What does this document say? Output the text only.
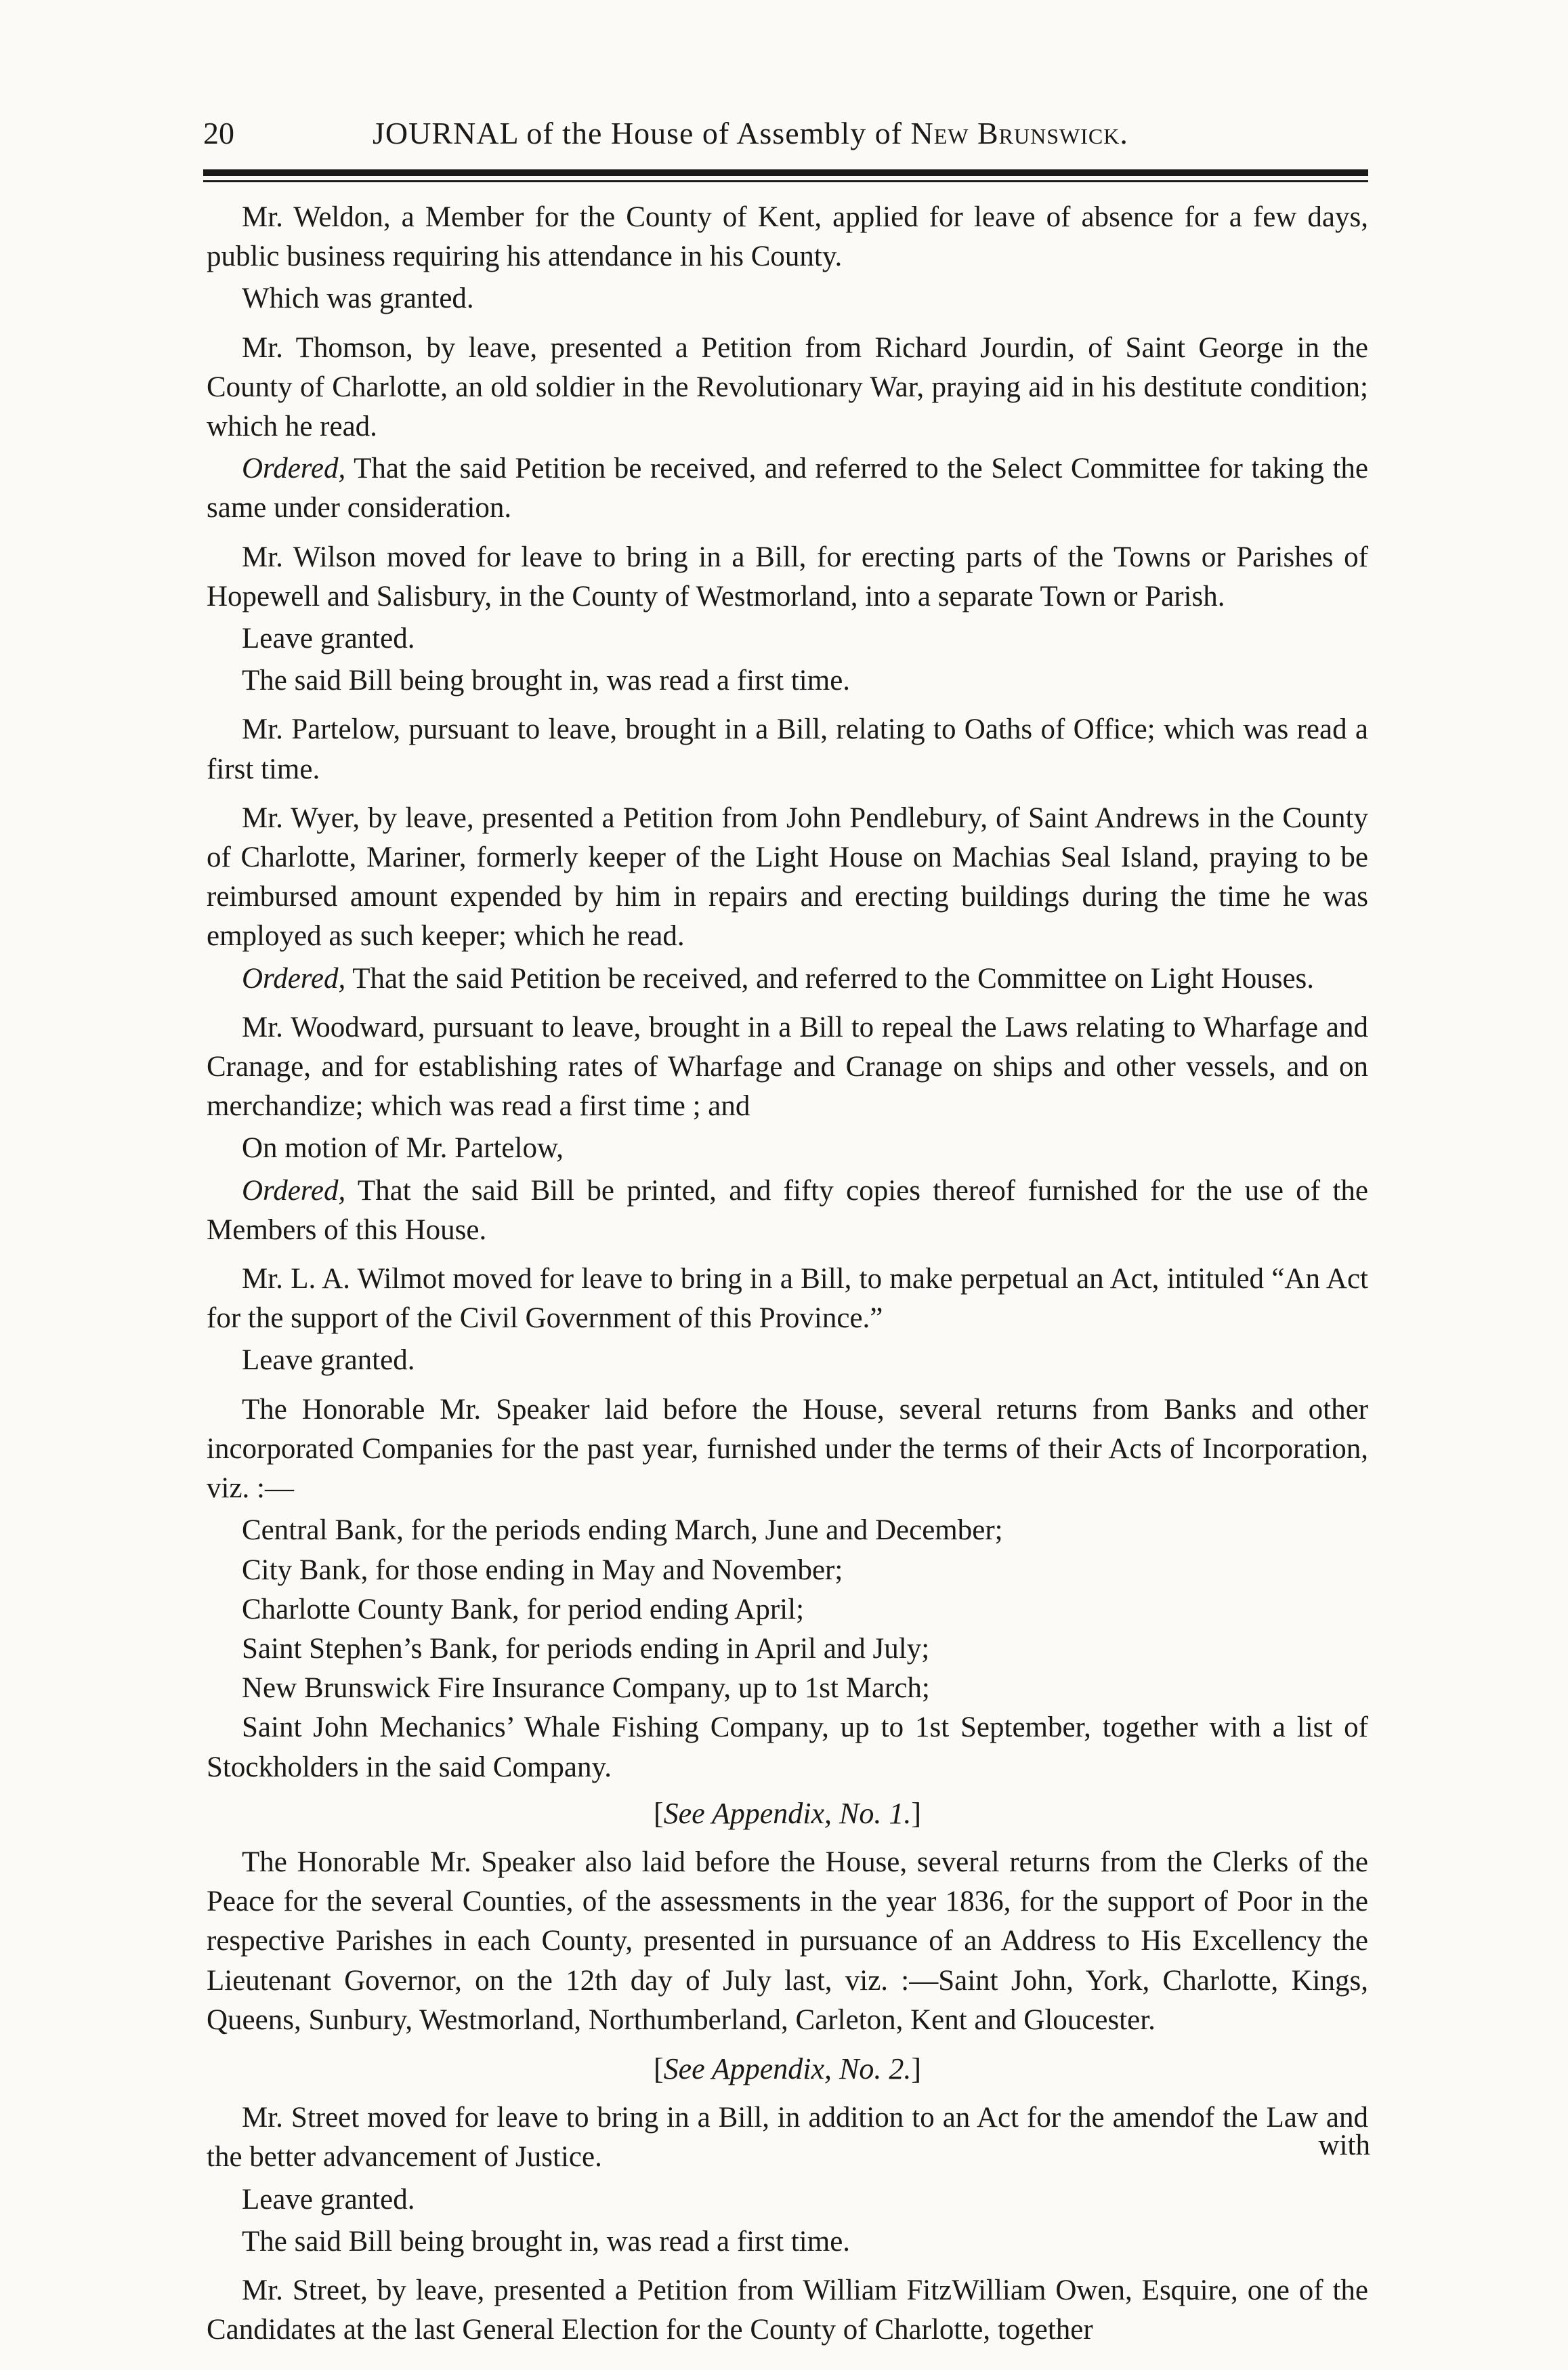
20	JOURNAL of the House of Assembly of New Brunswick.

Mr. Weldon, a Member for the County of Kent, applied for leave of absence for a few days, public business requiring his attendance in his County.

Which was granted.

Mr. Thomson, by leave, presented a Petition from Richard Jourdin, of Saint George in the County of Charlotte, an old soldier in the Revolutionary War, praying aid in his destitute condition; which he read.

Ordered, That the said Petition be received, and referred to the Select Committee for taking the same under consideration.

Mr. Wilson moved for leave to bring in a Bill, for erecting parts of the Towns or Parishes of Hopewell and Salisbury, in the County of Westmorland, into a separate Town or Parish.

Leave granted.

The said Bill being brought in, was read a first time.

Mr. Partelow, pursuant to leave, brought in a Bill, relating to Oaths of Office; which was read a first time.

Mr. Wyer, by leave, presented a Petition from John Pendlebury, of Saint Andrews in the County of Charlotte, Mariner, formerly keeper of the Light House on Machias Seal Island, praying to be reimbursed amount expended by him in repairs and erecting buildings during the time he was employed as such keeper; which he read.

Ordered, That the said Petition be received, and referred to the Committee on Light Houses.

Mr. Woodward, pursuant to leave, brought in a Bill to repeal the Laws relating to Wharfage and Cranage, and for establishing rates of Wharfage and Cranage on ships and other vessels, and on merchandize; which was read a first time ; and

On motion of Mr. Partelow,

Ordered, That the said Bill be printed, and fifty copies thereof furnished for the use of the Members of this House.

Mr. L. A. Wilmot moved for leave to bring in a Bill, to make perpetual an Act, intituled “An Act for the support of the Civil Government of this Province.”

Leave granted.

The Honorable Mr. Speaker laid before the House, several returns from Banks and other incorporated Companies for the past year, furnished under the terms of their Acts of Incorporation, viz. :—

Central Bank, for the periods ending March, June and December;

City Bank, for those ending in May and November;

Charlotte County Bank, for period ending April;

Saint Stephen’s Bank, for periods ending in April and July;

New Brunswick Fire Insurance Company, up to 1st March;

Saint John Mechanics’ Whale Fishing Company, up to 1st September, together with a list of Stockholders in the said Company.

[See Appendix, No. 1.]

The Honorable Mr. Speaker also laid before the House, several returns from the Clerks of the Peace for the several Counties, of the assessments in the year 1836, for the support of Poor in the respective Parishes in each County, presented in pursuance of an Address to His Excellency the Lieutenant Governor, on the 12th day of July last, viz. :—Saint John, York, Charlotte, Kings, Queens, Sunbury, Westmorland, Northumberland, Carleton, Kent and Gloucester.

[See Appendix, No. 2.]

Mr. Street moved for leave to bring in a Bill, in addition to an Act for the amendof the Law and the better advancement of Justice.

Leave granted.

The said Bill being brought in, was read a first time.

Mr. Street, by leave, presented a Petition from William FitzWilliam Owen, Esquire, one of the Candidates at the last General Election for the County of Charlotte, together

with
